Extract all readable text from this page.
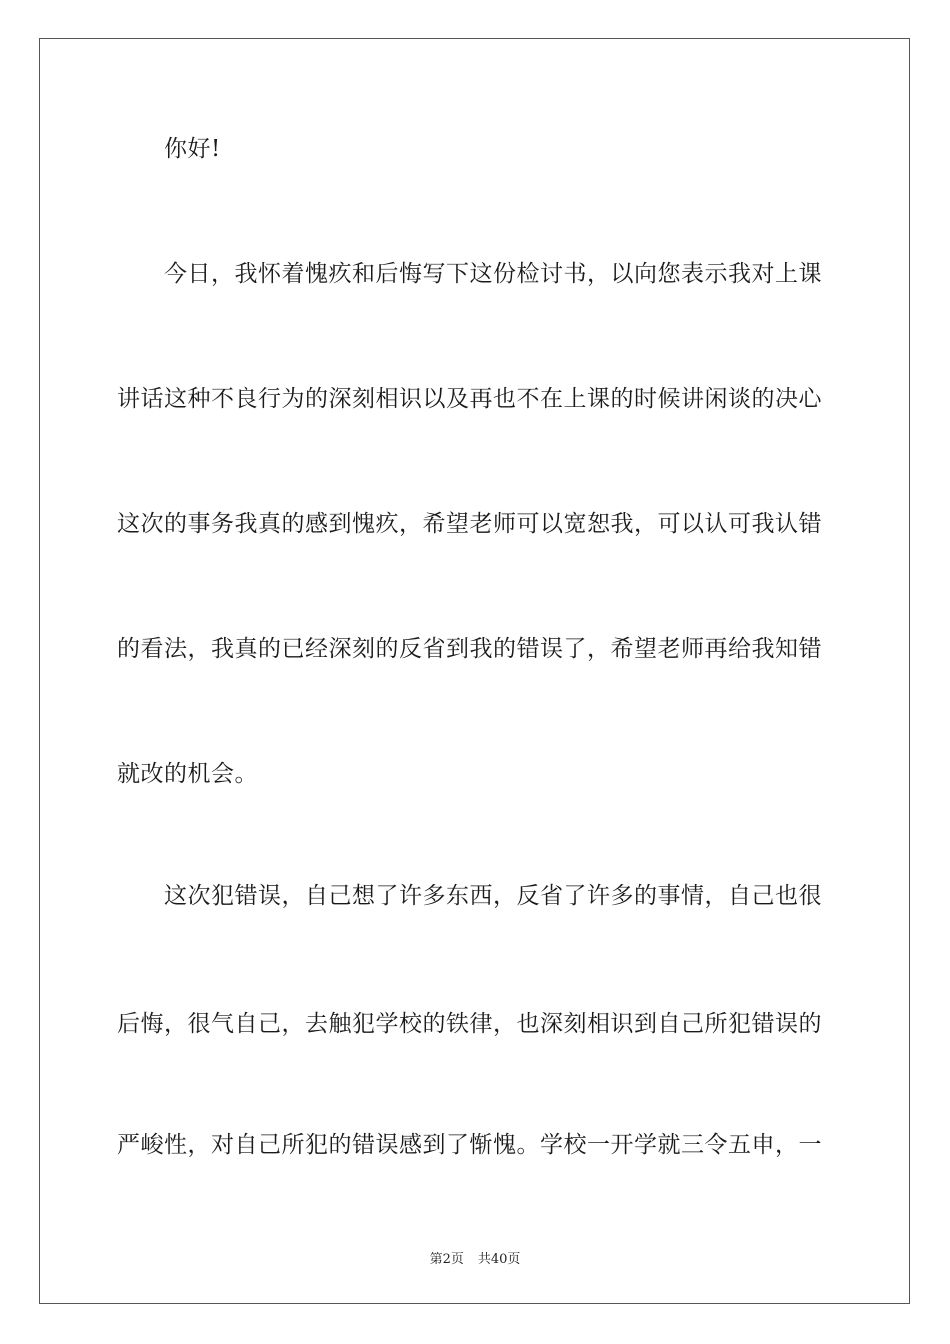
你好!
今日，我怀着愧疚和后悔写下这份检讨书，以向您表示我对上课
讲话这种不良行为的深刻相识以及再也不在上课的时候讲闲谈的决心
这次的事务我真的感到愧疚，希望老师可以宽恕我，可以认可我认错
的看法，我真的已经深刻的反省到我的错误了，希望老师再给我知错
就改的机会。
这次犯错误，自己想了许多东西，反省了许多的事情，自己也很
后悔，很气自己，去触犯学校的铁律，也深刻相识到自己所犯错误的
严峻性，对自己所犯的错误感到了惭愧。学校一开学就三令五申，一
第2页 共40页
